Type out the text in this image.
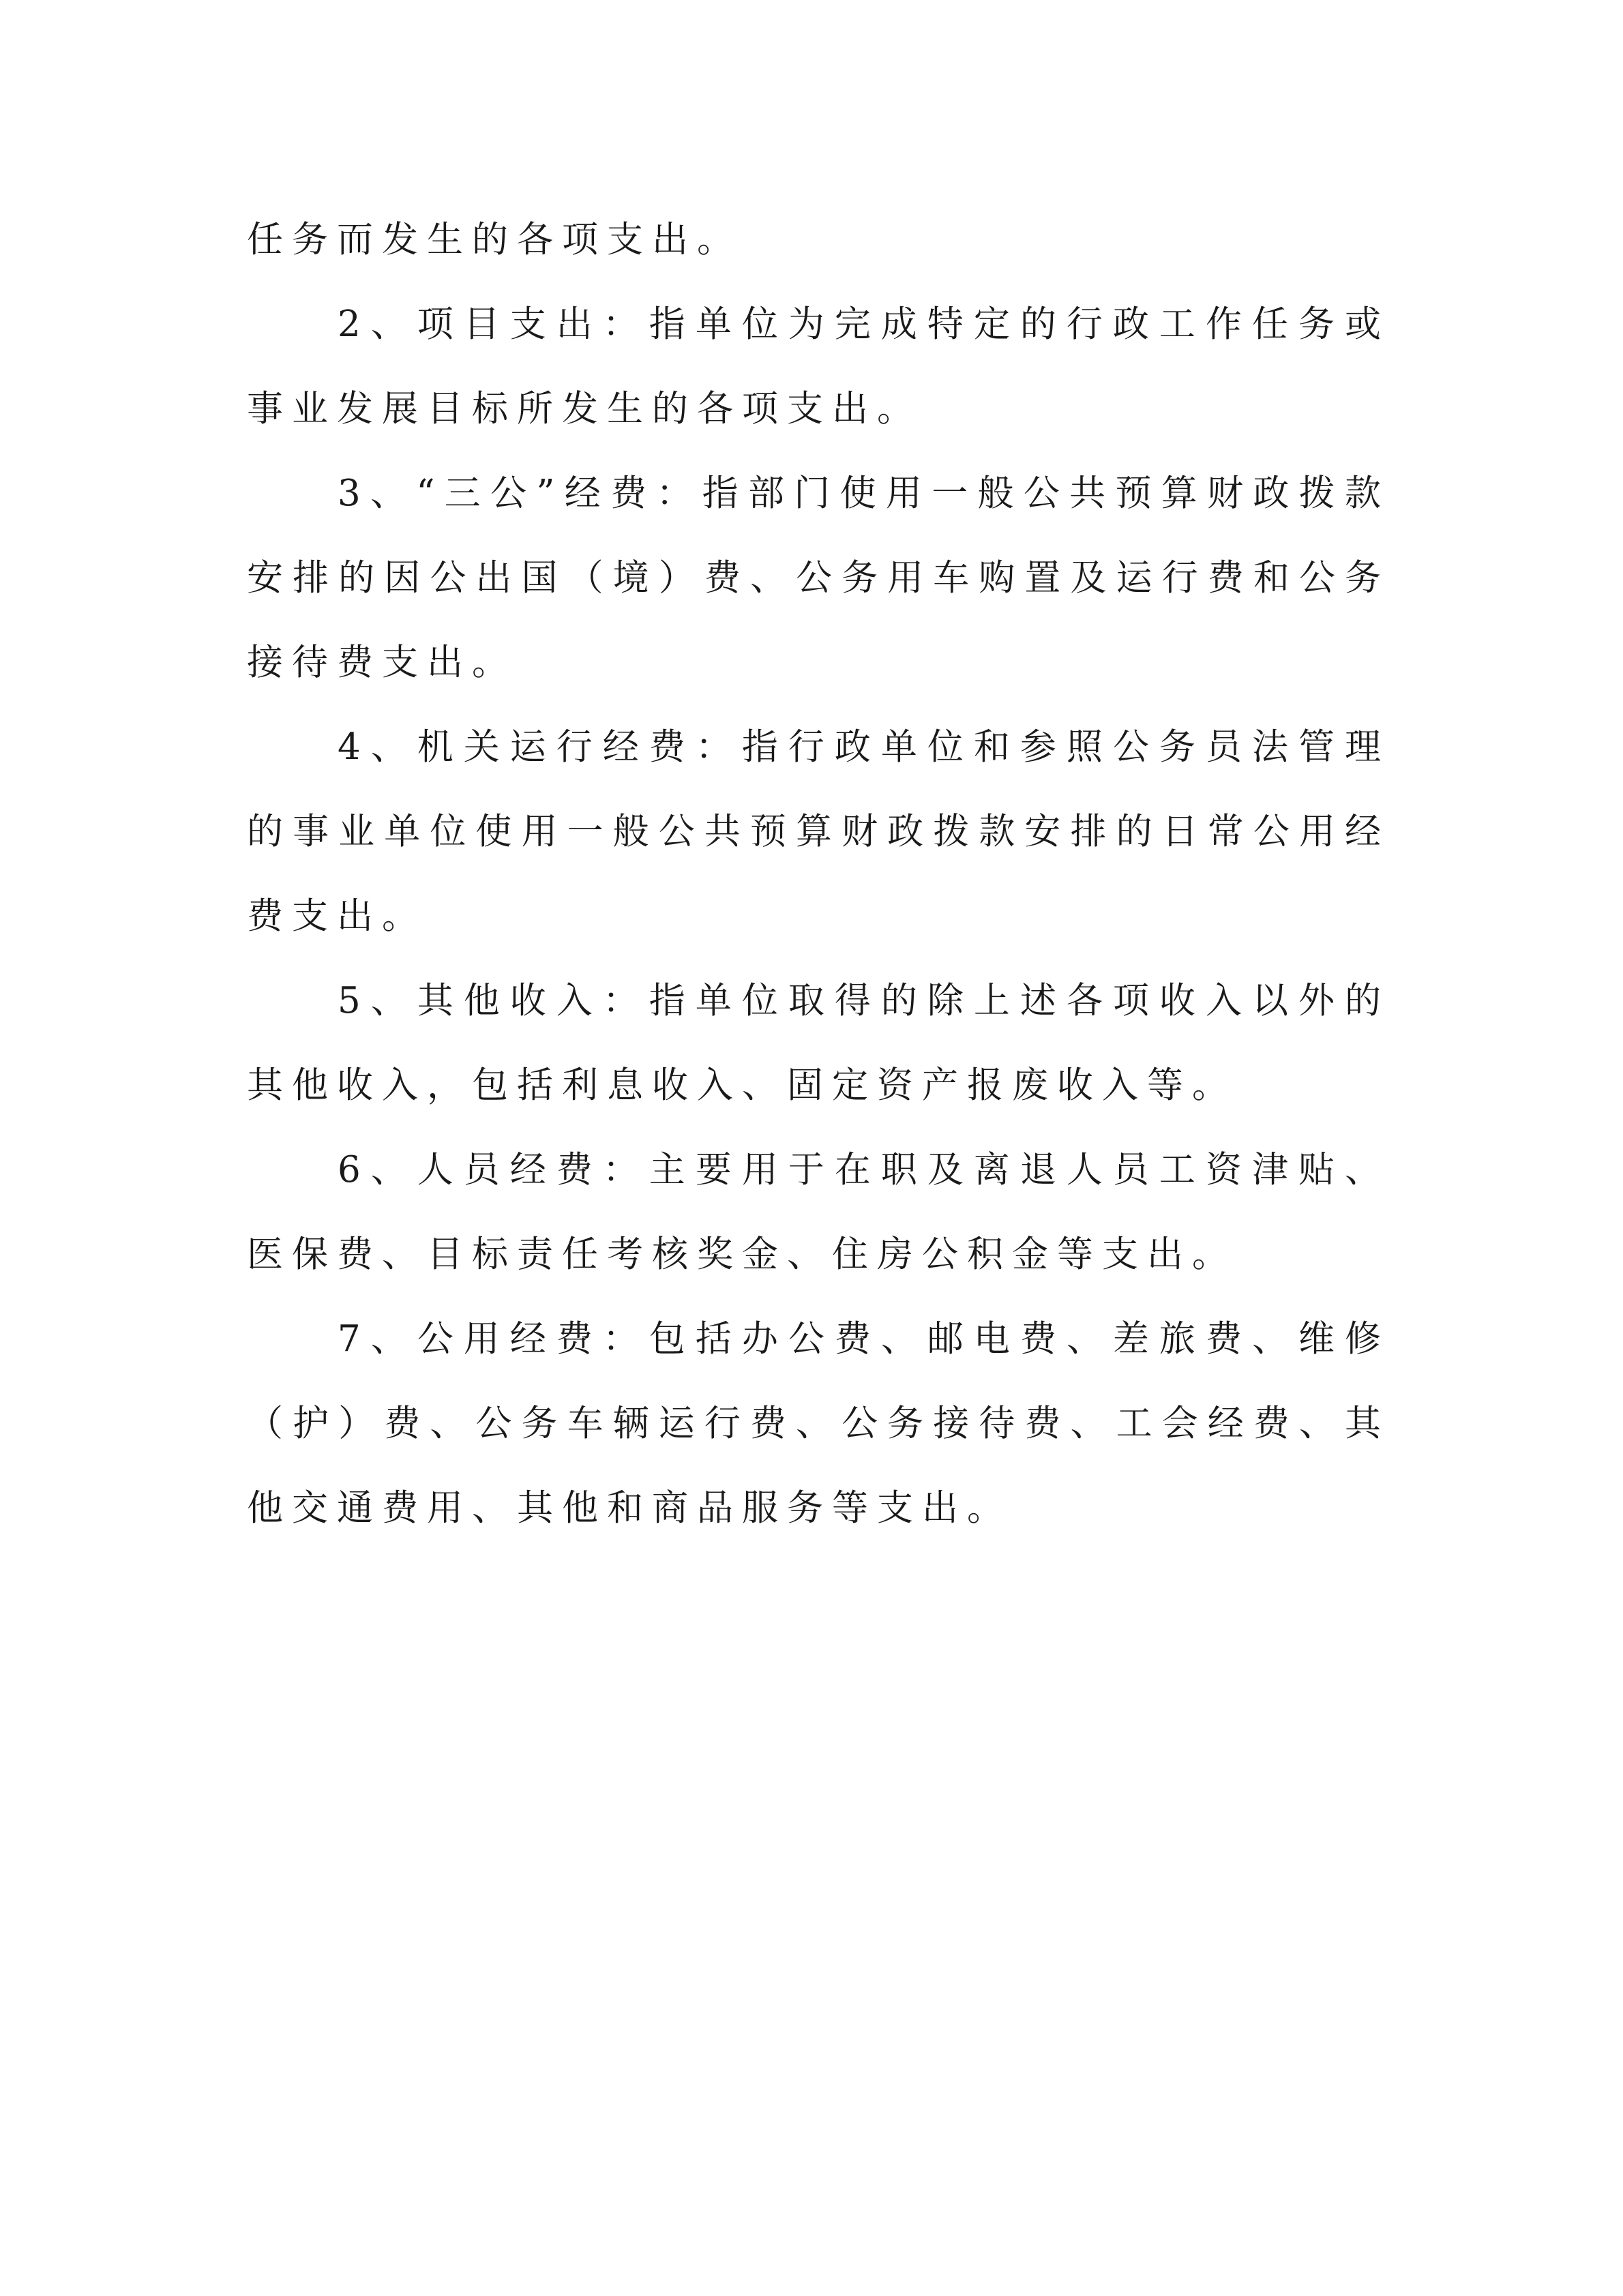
任务而发生的各项支出。

2、项目支出：指单位为完成特定的行政工作任务或事业发展目标所发生的各项支出。

3、“三公”经费：指部门使用一般公共预算财政拨款安排的因公出国（境）费、公务用车购置及运行费和公务接待费支出。

4、机关运行经费：指行政单位和参照公务员法管理的事业单位使用一般公共预算财政拨款安排的日常公用经费支出。

5、其他收入：指单位取得的除上述各项收入以外的其他收入，包括利息收入、固定资产报废收入等。

6、人员经费：主要用于在职及离退人员工资津贴、医保费、目标责任考核奖金、住房公积金等支出。

7、公用经费：包括办公费、邮电费、差旅费、维修（护）费、公务车辆运行费、公务接待费、工会经费、其他交通费用、其他和商品服务等支出。
